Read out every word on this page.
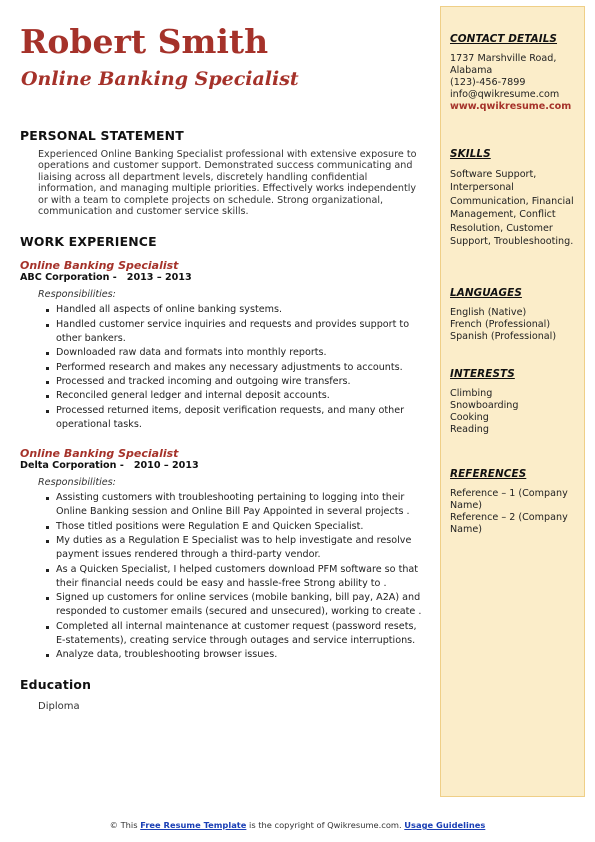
Robert Smith
Online Banking Specialist
PERSONAL STATEMENT

Experienced Online Banking Specialist professional with extensive exposure to operations and customer support. Demonstrated success communicating and liaising across all department levels, discretely handling confidential information, and managing multiple priorities. Effectively works independently or with a team to complete projects on schedule. Strong organizational, communication and customer service skills.

WORK EXPERIENCE
Online Banking Specialist
ABC Corporation -   2013 – 2013
Responsibilities:
Handled all aspects of online banking systems.
Handled customer service inquiries and requests and provides support to other bankers.
Downloaded raw data and formats into monthly reports.
Performed research and makes any necessary adjustments to accounts.
Processed and tracked incoming and outgoing wire transfers.
Reconciled general ledger and internal deposit accounts.
Processed returned items, deposit verification requests, and many other operational tasks.
Online Banking Specialist
Delta Corporation -   2010 – 2013
Responsibilities:
Assisting customers with troubleshooting pertaining to logging into their Online Banking session and Online Bill Pay Appointed in several projects .
Those titled positions were Regulation E and Quicken Specialist.
My duties as a Regulation E Specialist was to help investigate and resolve payment issues rendered through a third-party vendor.
As a Quicken Specialist, I helped customers download PFM software so that their financial needs could be easy and hassle-free Strong ability to .
Signed up customers for online services (mobile banking, bill pay, A2A) and responded to customer emails (secured and unsecured), working to create .
Completed all internal maintenance at customer request (password resets, E-statements), creating service through outages and service interruptions.
Analyze data, troubleshooting browser issues.
Education
Diploma
CONTACT DETAILS

1737 Marshville Road, Alabama

(123)-456-7899

info@qwikresume.com

www.qwikresume.com

SKILLS

Software Support, Interpersonal Communication, Financial Management, Conflict Resolution, Customer Support, Troubleshooting.

LANGUAGES

English (Native)

French (Professional)

Spanish (Professional)

INTERESTS

Climbing

Snowboarding

Cooking

Reading

REFERENCES

Reference – 1 (Company Name)

Reference – 2 (Company Name)

© This Free Resume Template is the copyright of Qwikresume.com. Usage Guidelines
